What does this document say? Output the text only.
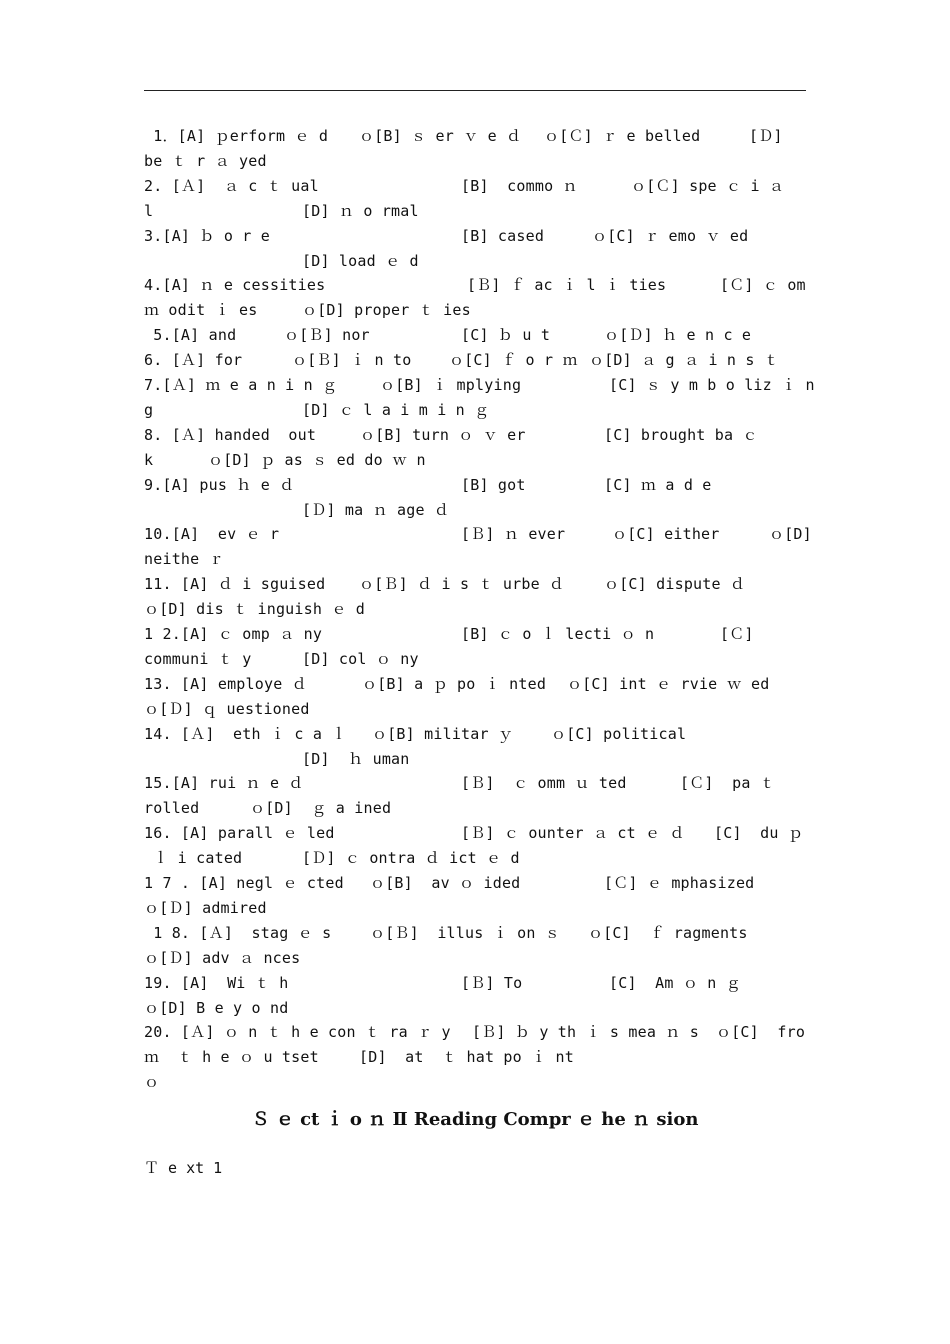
1．[A] ｐerform ｅ d ｏ[B] ｓ er ｖ e ｄ ｏ[Ｃ] ｒ e belled	[Ｄ]
be ｔ r ａ yed
2. [Ａ]  ａ c ｔ ual	[B]  commo ｎ	ｏ[Ｃ] spe ｃ i ａ
l	[D] ｎ o rmal
3.[A] ｂ o r e	[B] cased	ｏ[C] ｒ emo ｖ ed
[D] load ｅ d
4.[A] ｎ e cessities	[Ｂ] ｆ ac ｉ l ｉ ties	[Ｃ] ｃ om
ｍ odit ｉ es	ｏ[D] proper ｔ ies
5.[A] and	ｏ[Ｂ] nor	[C] ｂ u t	ｏ[Ｄ] ｈ e n c e
6. [Ａ] for	ｏ[Ｂ] ｉ n to	ｏ[C] ｆ o r ｍ ｏ[D] ａ g ａ i n s ｔ
7.[Ａ] ｍ e a n i n ｇ	ｏ[B] ｉ mplying	[C] ｓ y m b o liz ｉ n
g	[D] ｃ l a i m i n ｇ
8. [Ａ] handed  out	ｏ[B] turn ｏ ｖ er	[C] brought ba ｃ
k	ｏ[D] ｐ as ｓ ed do ｗ n
9.[A] pus ｈ e ｄ	[B] got	[C] ｍ a d e
[Ｄ] ma ｎ age ｄ
10.[A]  ev ｅ r	[Ｂ] ｎ ever	ｏ[C] either	ｏ[D]
neithe ｒ
11. [A] ｄ i sguised ｏ[Ｂ] ｄ i s ｔ urbe ｄ	ｏ[C] dispute ｄ
ｏ[D] dis ｔ inguish ｅ d
1 2.[A] ｃ omp ａ ny	[B] ｃ o ｌ lecti ｏ n	[Ｃ]
communi ｔ y	[D] col ｏ ny
13. [A] employe ｄ	ｏ[B] a ｐ po ｉ nted ｏ[C] int ｅ rvie ｗ ed
ｏ[Ｄ] ｑ uestioned
14. [Ａ]  eth ｉ c a ｌ ｏ[B] militar ｙ	ｏ[C] political
[D]  ｈ uman
15.[A] rui ｎ e ｄ	[Ｂ]  ｃ omm ｕ ted	[Ｃ]  pa ｔ
rolled	ｏ[D]  ｇ a ined
16. [A] parall ｅ led	[Ｂ] ｃ ounter ａ ct ｅ ｄ [C]  du ｐ
ｌ i cated	[Ｄ] ｃ ontra ｄ ict ｅ d
1 7 . [A] negl ｅ cted ｏ[B]  av ｏ ided	[Ｃ] ｅ mphasized
ｏ[Ｄ] admired
1 8. [Ａ]  stag ｅ s	ｏ[Ｂ]  illus ｉ on ｓ ｏ[C]  ｆ ragments
ｏ[Ｄ] adv ａ nces
19. [A]  Wi ｔ h	[Ｂ] To	[C]  Am ｏ n ｇ
ｏ[D] B e y o nd
20. [Ａ] ｏ n ｔ h e con ｔ ra ｒ y [Ｂ] ｂ y th ｉ s mea ｎ s ｏ[C]  fro
ｍ  ｔ h e ｏ u tset	[D]  at  ｔ hat po ｉ nt
ｏ
Ｓ ｅ ct ｉ o ｎ Ⅱ Reading Compr ｅ he ｎ sion
Ｔ e xt 1
